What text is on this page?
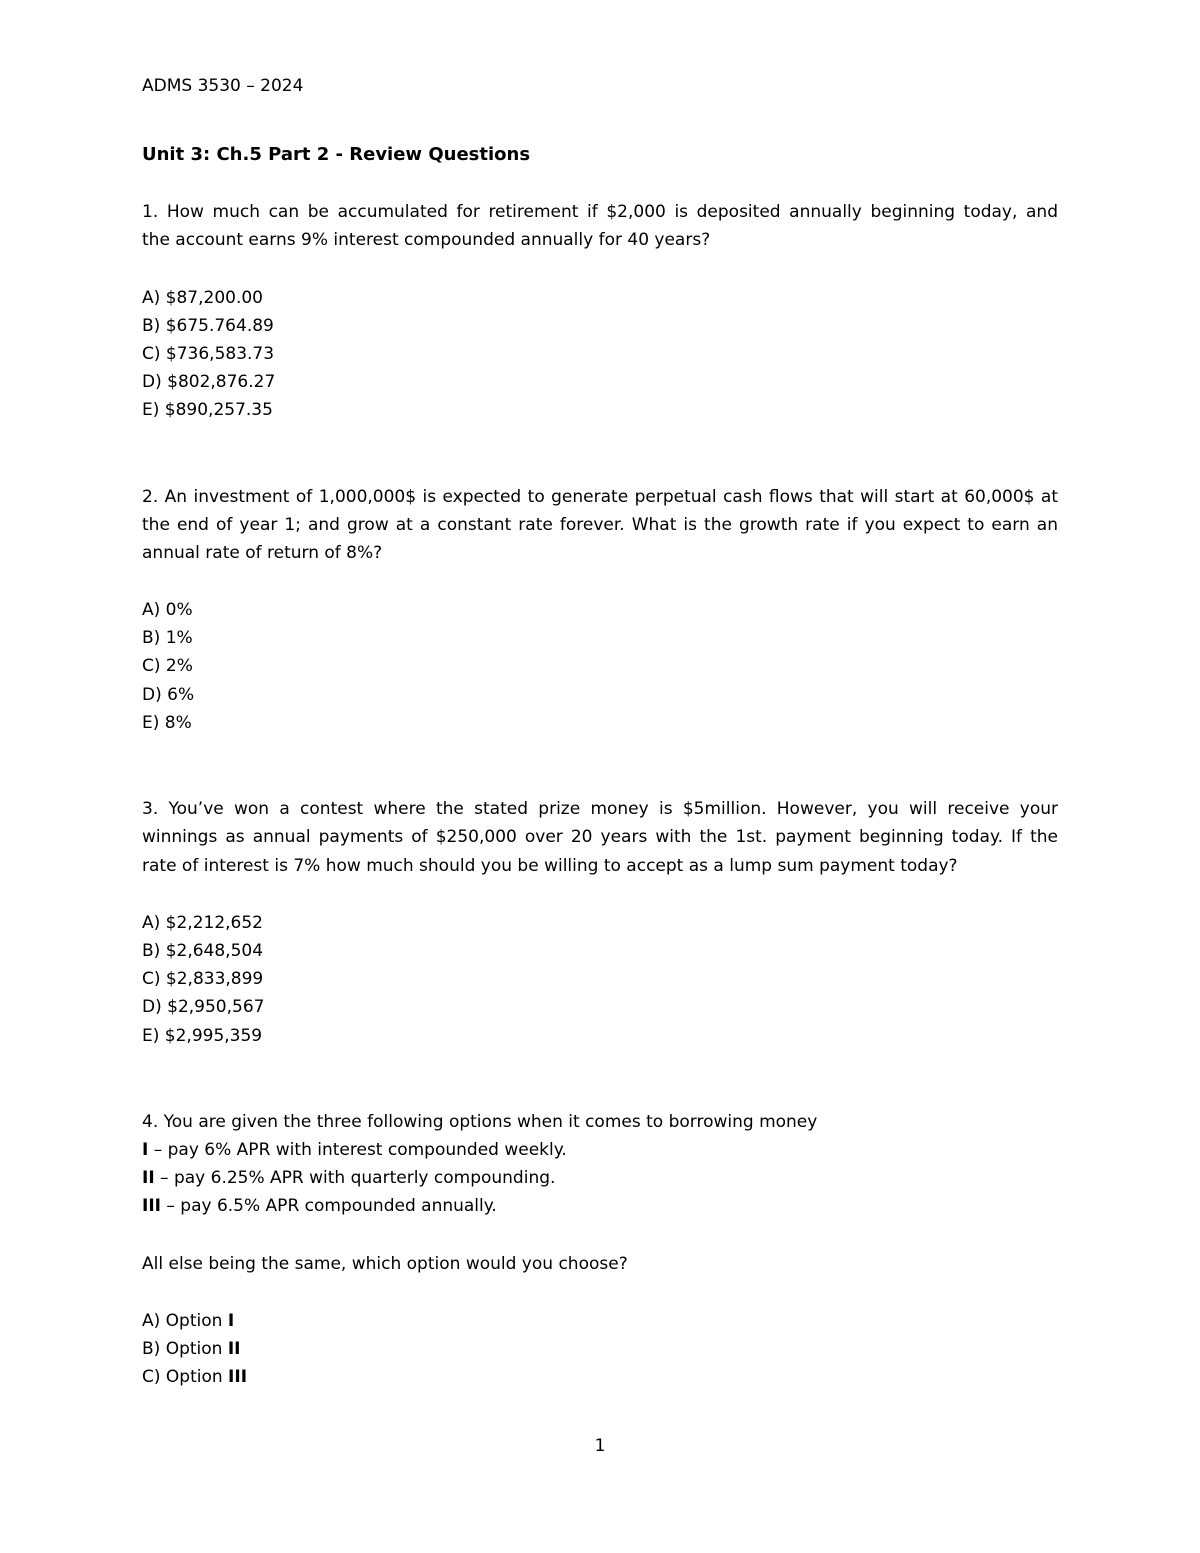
ADMS 3530 – 2024
Unit 3: Ch.5 Part 2 - Review Questions
1. How much can be accumulated for retirement if $2,000 is deposited annually beginning today, and
the account earns 9% interest compounded annually for 40 years?
A) $87,200.00
B) $675.764.89
C) $736,583.73
D) $802,876.27
E) $890,257.35
2. An investment of 1,000,000$ is expected to generate perpetual cash flows that will start at 60,000$ at
the end of year 1; and grow at a constant rate forever. What is the growth rate if you expect to earn an
annual rate of return of 8%?
A) 0%
B) 1%
C) 2%
D) 6%
E) 8%
3. You’ve won a contest where the stated prize money is $5million. However, you will receive your
winnings as annual payments of $250,000 over 20 years with the 1st. payment beginning today. If the
rate of interest is 7% how much should you be willing to accept as a lump sum payment today?
A) $2,212,652
B) $2,648,504
C) $2,833,899
D) $2,950,567
E) $2,995,359
4. You are given the three following options when it comes to borrowing money
I – pay 6% APR with interest compounded weekly.
II – pay 6.25% APR with quarterly compounding.
III – pay 6.5% APR compounded annually.
All else being the same, which option would you choose?
A) Option I
B) Option II
C) Option III
1
